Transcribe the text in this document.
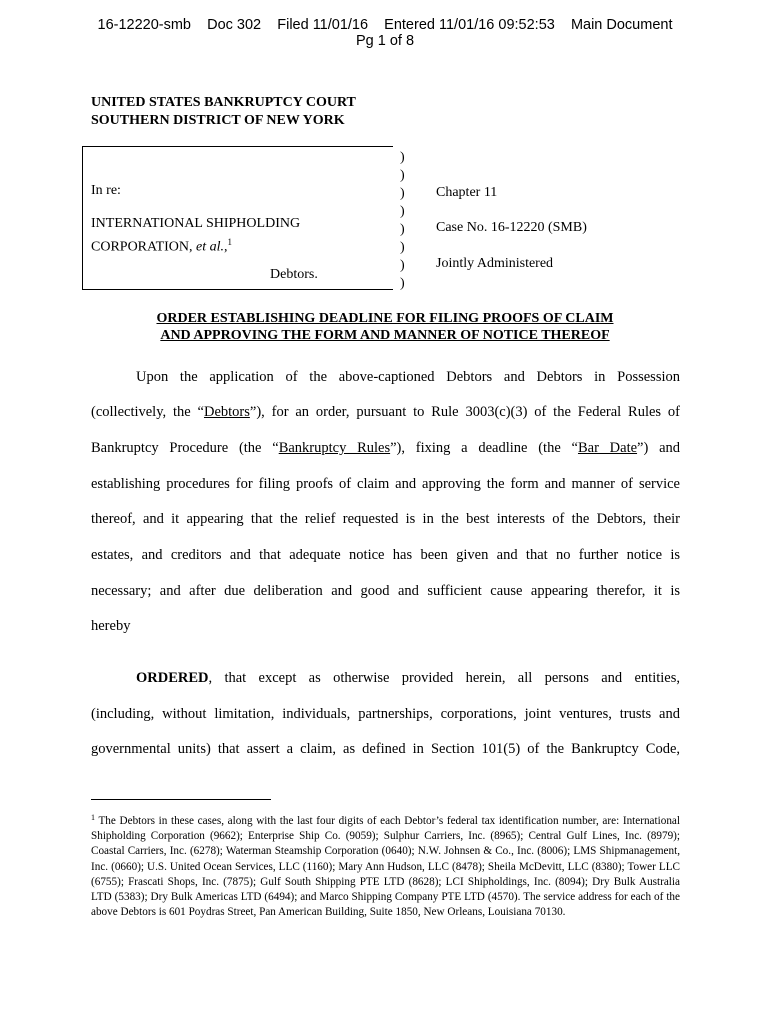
16-12220-smb    Doc 302    Filed 11/01/16    Entered 11/01/16 09:52:53    Main Document
Pg 1 of 8
UNITED STATES BANKRUPTCY COURT
SOUTHERN DISTRICT OF NEW YORK
In re:
INTERNATIONAL SHIPHOLDING
CORPORATION, et al.,$^1$
Debtors.
)
)
)
)
)
)
)
)
Chapter 11
Case No. 16-12220 (SMB)
Jointly Administered
ORDER ESTABLISHING DEADLINE FOR FILING PROOFS OF CLAIM
AND APPROVING THE FORM AND MANNER OF NOTICE THEREOF
Upon the application of the above-captioned Debtors and Debtors in Possession
(collectively, the “Debtors”), for an order, pursuant to Rule 3003(c)(3) of the Federal Rules of
Bankruptcy Procedure (the “Bankruptcy Rules”), fixing a deadline (the “Bar Date”) and
establishing procedures for filing proofs of claim and approving the form and manner of service
thereof, and it appearing that the relief requested is in the best interests of the Debtors, their
estates, and creditors and that adequate notice has been given and that no further notice is
necessary; and after due deliberation and good and sufficient cause appearing therefor, it is
hereby
ORDERED, that except as otherwise provided herein, all persons and entities,
(including, without limitation, individuals, partnerships, corporations, joint ventures, trusts and
governmental units) that assert a claim, as defined in Section 101(5) of the Bankruptcy Code,
$^1$ The Debtors in these cases, along with the last four digits of each Debtor’s federal tax identification number, are: International Shipholding Corporation (9662); Enterprise Ship Co. (9059); Sulphur Carriers, Inc. (8965); Central Gulf Lines, Inc. (8979); Coastal Carriers, Inc. (6278); Waterman Steamship Corporation (0640); N.W. Johnsen & Co., Inc. (8006); LMS Shipmanagement, Inc. (0660); U.S. United Ocean Services, LLC (1160); Mary Ann Hudson, LLC (8478); Sheila McDevitt, LLC (8380); Tower LLC (6755); Frascati Shops, Inc. (7875); Gulf South Shipping PTE LTD (8628); LCI Shipholdings, Inc. (8094); Dry Bulk Australia LTD (5383); Dry Bulk Americas LTD (6494); and Marco Shipping Company PTE LTD (4570). The service address for each of the above Debtors is 601 Poydras Street, Pan American Building, Suite 1850, New Orleans, Louisiana 70130.
